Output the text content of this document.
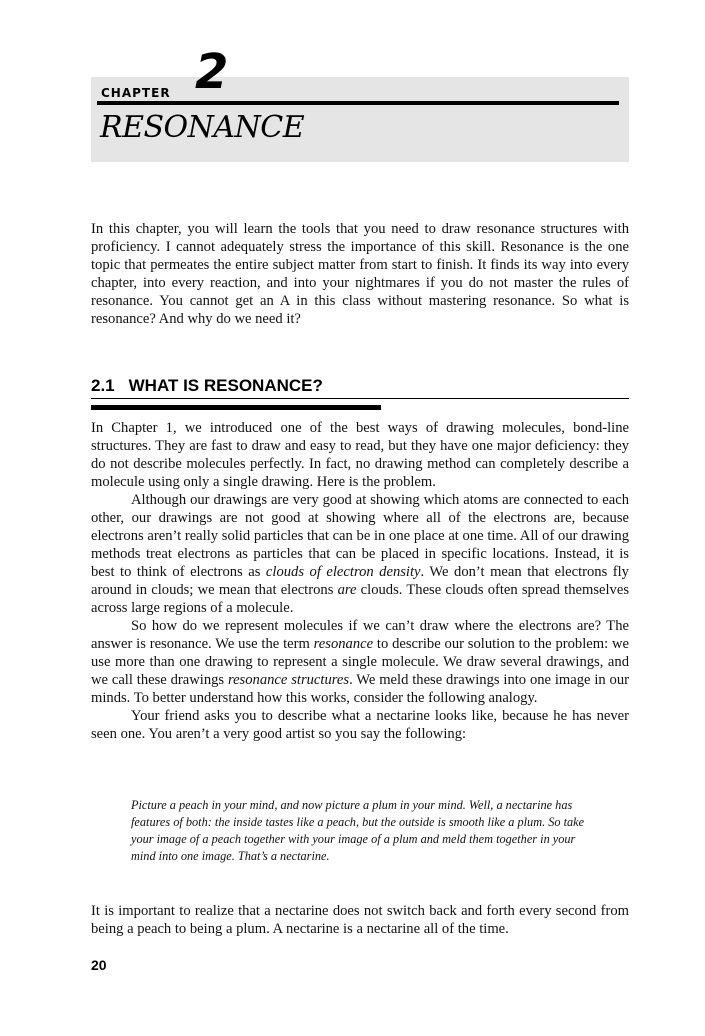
CHAPTER 2
RESONANCE
In this chapter, you will learn the tools that you need to draw resonance structures with proficiency. I cannot adequately stress the importance of this skill. Resonance is the one topic that permeates the entire subject matter from start to finish. It finds its way into every chapter, into every reaction, and into your nightmares if you do not master the rules of resonance. You cannot get an A in this class without mastering resonance. So what is resonance? And why do we need it?
2.1 WHAT IS RESONANCE?

In Chapter 1, we introduced one of the best ways of drawing molecules, bond-line structures. They are fast to draw and easy to read, but they have one major deficiency: they do not describe molecules perfectly. In fact, no drawing method can completely describe a molecule using only a single drawing. Here is the problem.

Although our drawings are very good at showing which atoms are connected to each other, our drawings are not good at showing where all of the electrons are, because electrons aren’t really solid particles that can be in one place at one time. All of our drawing methods treat electrons as particles that can be placed in specific locations. Instead, it is best to think of electrons as clouds of electron density. We don’t mean that electrons fly around in clouds; we mean that electrons are clouds. These clouds often spread themselves across large regions of a molecule.

So how do we represent molecules if we can’t draw where the electrons are? The answer is resonance. We use the term resonance to describe our solution to the problem: we use more than one drawing to represent a single molecule. We draw several drawings, and we call these drawings resonance structures. We meld these drawings into one image in our minds. To better understand how this works, consider the following analogy.

Your friend asks you to describe what a nectarine looks like, because he has never seen one. You aren’t a very good artist so you say the following:

Picture a peach in your mind, and now picture a plum in your mind. Well, a nectarine has features of both: the inside tastes like a peach, but the outside is smooth like a plum. So take your image of a peach together with your image of a plum and meld them together in your mind into one image. That’s a nectarine.
It is important to realize that a nectarine does not switch back and forth every second from being a peach to being a plum. A nectarine is a nectarine all of the time.
20
